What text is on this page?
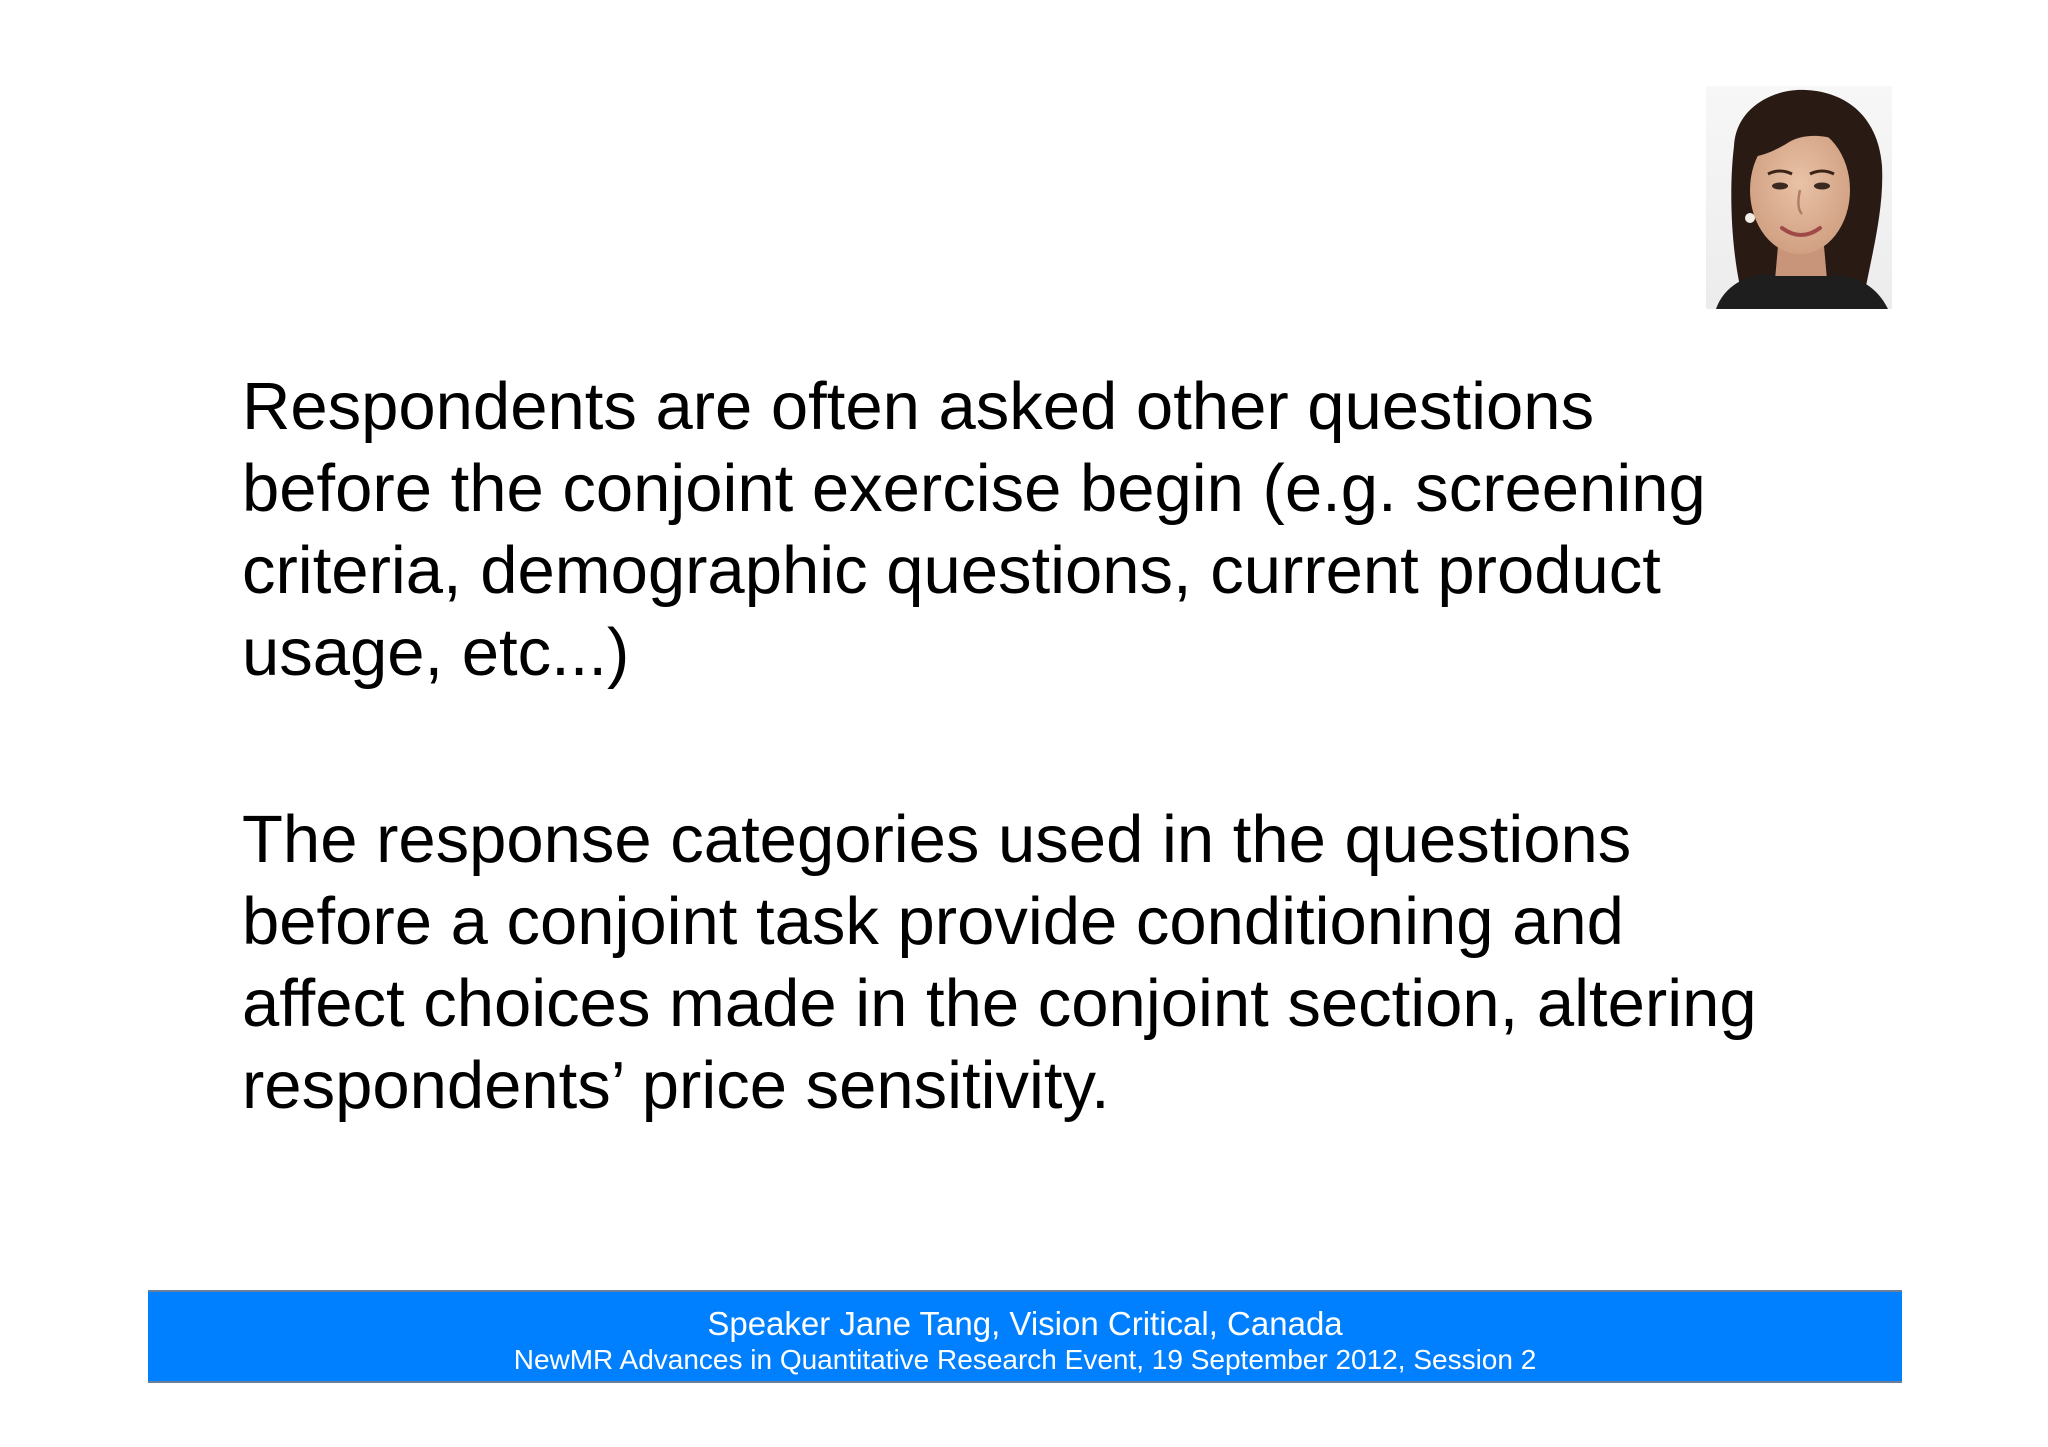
Respondents are often asked other questions before the conjoint exercise begin (e.g. screening criteria, demographic questions, current product usage, etc...)

The response categories used in the questions before a conjoint task provide conditioning and affect choices made in the conjoint section, altering respondents’ price sensitivity.

Speaker Jane Tang, Vision Critical, Canada
NewMR Advances in Quantitative Research Event, 19 September 2012, Session 2
